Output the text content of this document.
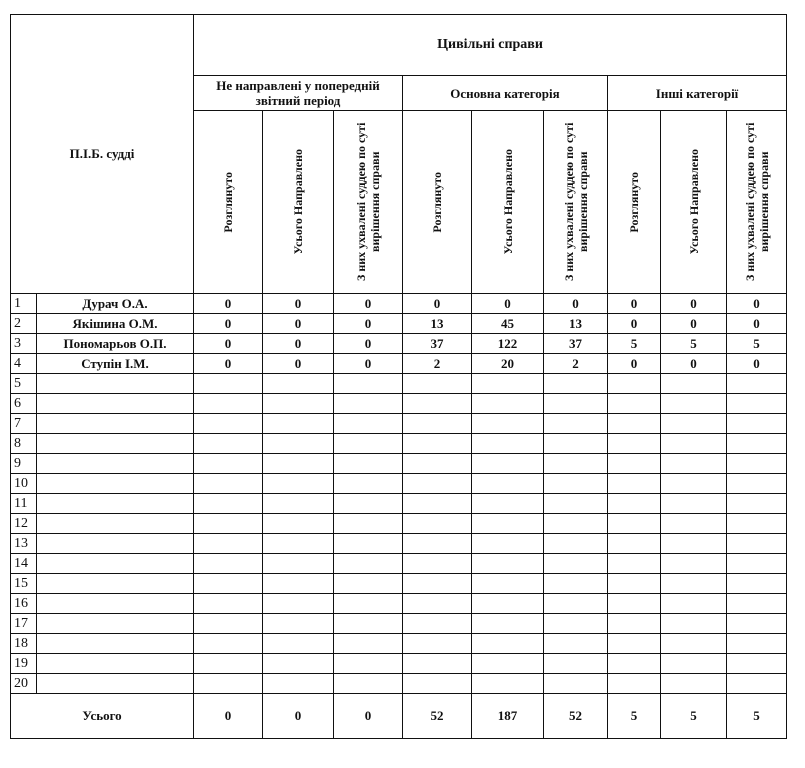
П.І.Б. судді		Цивільні справи								
		Не направлені у попередній звітний період			Основна категорія			Інші категорії		

		Розглянуто	Усього Направлено	З них ухвалені суддею по суті вирішення справи	Розглянуто	Усього Направлено	З них ухвалені суддею по суті вирішення справи	Розглянуто	Усього Направлено	З них ухвалені суддею по суті вирішення справи

1	Дурач О.А.	0	0	0	0	0	0	0	0	0
2	Якішина О.М.	0	0	0	13	45	13	0	0	0
3	Пономарьов О.П.	0	0	0	37	122	37	5	5	5
4	Ступін І.М.	0	0	0	2	20	2	0	0	0
5										
6										
7										
8										
9										
10										
11										
12										
13										
14										
15										
16										
17										
18										
19										
20										
Усього		0	0	0	52	187	52	5	5	5
